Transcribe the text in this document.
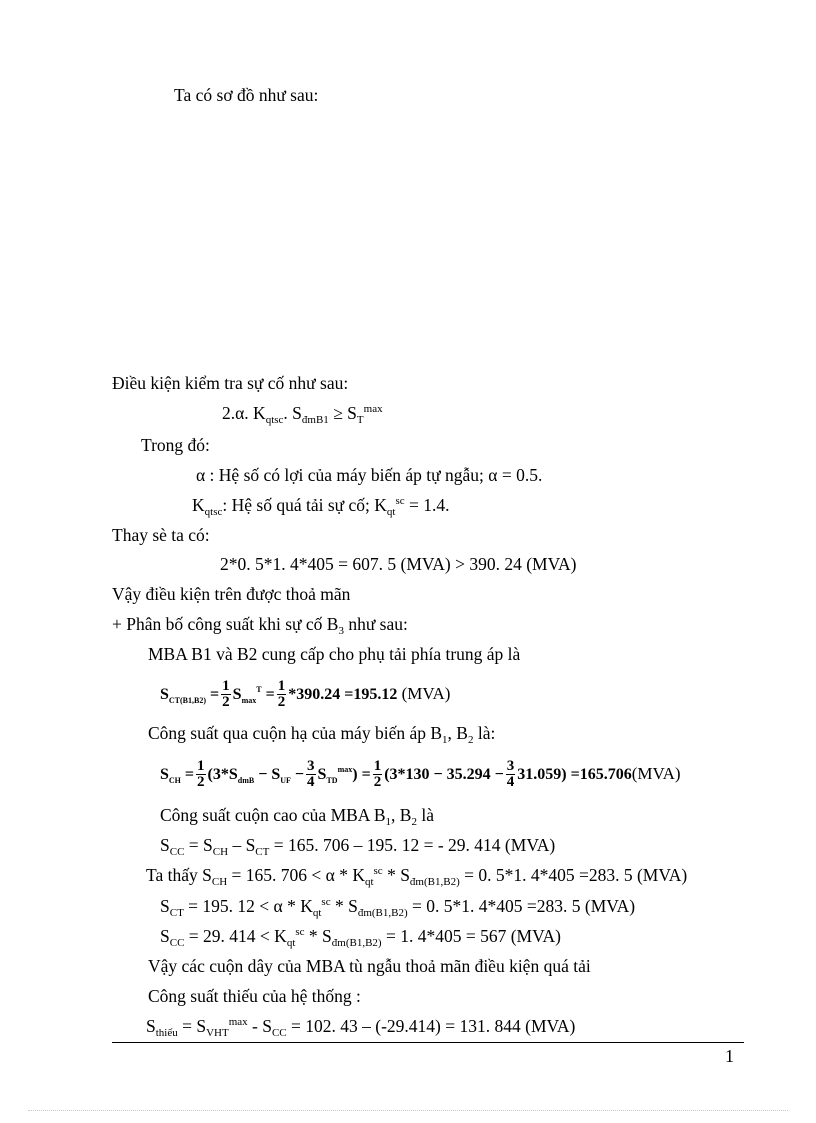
Ta có sơ đồ như sau:
Điều kiện kiểm tra sự cố như sau:
2.α. $K_{qtsc}$. $S_{đmB1} \ge S_T^{max}$
Trong đó:
α : Hệ số có lợi của máy biến áp tự ngẫu; α = 0.5.
$K_{qtsc}$: Hệ số quá tải sự cố; $K_{qt}^{sc} = 1.4$.
Thay sè ta có:
2*0. 5*1. 4*405 = 607. 5 (MVA) > 390. 24 (MVA)
Vậy điều kiện trên được thoả mãn
+ Phân bố công suất khi sự cố $B_3$ như sau:
MBA B1 và B2 cung cấp cho phụ tải phía trung áp là
$S_{CT(B1,B2)} = \frac{1}{2} S_{max}^T = \frac{1}{2} *390.24 =195.12$ (MVA)
Công suất qua cuộn hạ của máy biến áp $B_1$, $B_2$ là:
$S_{CH} = \frac{1}{2} (3*S_{dmB} - S_{UF} - \frac{3}{4} S_{TD}^{max}) = \frac{1}{2} (3*130 - 35.294 - \frac{3}{4} 31.059) =165.706(MVA)$
Công suất cuộn cao của MBA $B_1$, $B_2$ là
$S_{CC} = S_{CH} - S_{CT} = 165$. 706 – 195. 12 = - 29. 414 (MVA)
Ta thấy $S_{CH} = 165$. $706 < \alpha * K_{qt}^{sc} * S_{đm(B1,B2)} = 0$. 5*1. 4*405 =283. 5 (MVA)
$S_{CT} = 195$. $12 < \alpha * K_{qt}^{sc} * S_{đm(B1,B2)} = 0$. 5*1. 4*405 =283. 5 (MVA)
$S_{CC} = 29$. $414 < K_{qt}^{sc} * S_{đm(B1,B2)} = 1$. 4*405 = 567 (MVA)
Vậy các cuộn dây của MBA tù ngẫu thoả mãn điều kiện quá tải
Công suất thiếu của hệ thống :
$S_{thiếu} = S_{VHT}^{max} - S_{CC} = 102$. 43 – (-29.414) = 131. 844 (MVA)
1
